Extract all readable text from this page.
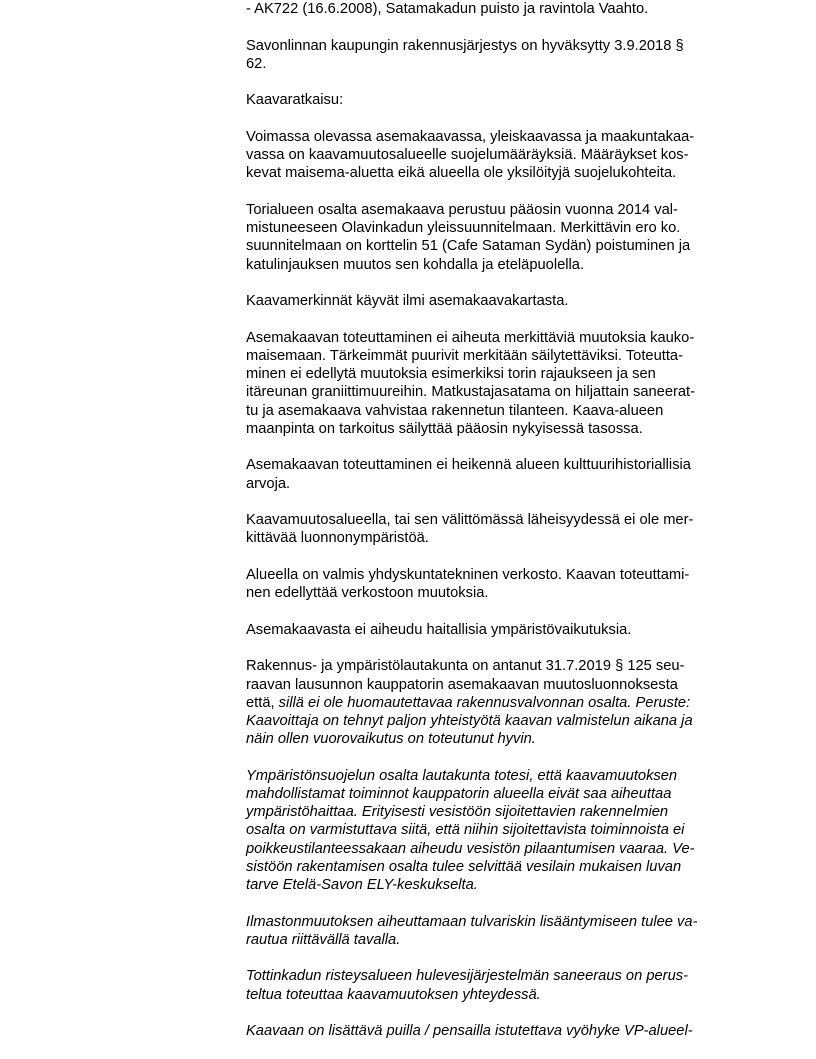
- AK722 (16.6.2008), Satamakadun puisto ja ravintola Vaahto.

Savonlinnan kaupungin rakennusjärjestys on hyväksytty 3.9.2018 §
62.

Kaavaratkaisu:

Voimassa olevassa asemakaavassa, yleiskaavassa ja maakuntakaa-
vassa on kaavamuutosalueelle suojelumääräyksiä. Määräykset kos-
kevat maisema-aluetta eikä alueella ole yksilöityjä suojelukohteita.

Torialueen osalta asemakaava perustuu pääosin vuonna 2014 val-
mistuneeseen Olavinkadun yleissuunnitelmaan. Merkittävin ero ko.
suunnitelmaan on korttelin 51 (Cafe Sataman Sydän) poistuminen ja
katulinjauksen muutos sen kohdalla ja eteläpuolella.

Kaavamerkinnät käyvät ilmi asemakaavakartasta.

Asemakaavan toteuttaminen ei aiheuta merkittäviä muutoksia kauko-
maisemaan. Tärkeimmät puurivit merkitään säilytettäviksi. Toteutta-
minen ei edellytä muutoksia esimerkiksi torin rajaukseen ja sen
itäreunan graniittimuureihin. Matkustajasatama on hiljattain saneerat-
tu ja asemakaava vahvistaa rakennetun tilanteen. Kaava-alueen
maanpinta on tarkoitus säilyttää pääosin nykyisessä tasossa.

Asemakaavan toteuttaminen ei heikennä alueen kulttuurihistoriallisia
arvoja.

Kaavamuutosalueella, tai sen välittömässä läheisyydessä ei ole mer-
kittävää luonnonympäristöä.

Alueella on valmis yhdyskuntatekninen verkosto. Kaavan toteuttami-
nen edellyttää verkostoon muutoksia.

Asemakaavasta ei aiheudu haitallisia ympäristövaikutuksia.

Rakennus- ja ympäristölautakunta on antanut 31.7.2019 § 125 seu-
raavan lausunnon kauppatorin asemakaavan muutosluonnoksesta
että, sillä ei ole huomautettavaa rakennusvalvonnan osalta. Peruste:
Kaavoittaja on tehnyt paljon yhteistyötä kaavan valmistelun aikana ja
näin ollen vuorovaikutus on toteutunut hyvin.

Ympäristönsuojelun osalta lautakunta totesi, että kaavamuutoksen
mahdollistamat toiminnot kauppatorin alueella eivät saa aiheuttaa
ympäristöhaittaa. Erityisesti vesistöön sijoitettavien rakennelmien
osalta on varmistuttava siitä, että niihin sijoitettavista toiminnoista ei
poikkeustilanteessakaan aiheudu vesistön pilaantumisen vaaraa. Ve-
sistöön rakentamisen osalta tulee selvittää vesilain mukaisen luvan
tarve Etelä-Savon ELY-keskukselta.

Ilmastonmuutoksen aiheuttamaan tulvariskin lisääntymiseen tulee va-
rautua riittävällä tavalla.

Tottinkadun risteysalueen hulevesijärjestelmän saneeraus on perus-
teltua toteuttaa kaavamuutoksen yhteydessä.

Kaavaan on lisättävä puilla / pensailla istutettava vyöhyke VP-alueel-
